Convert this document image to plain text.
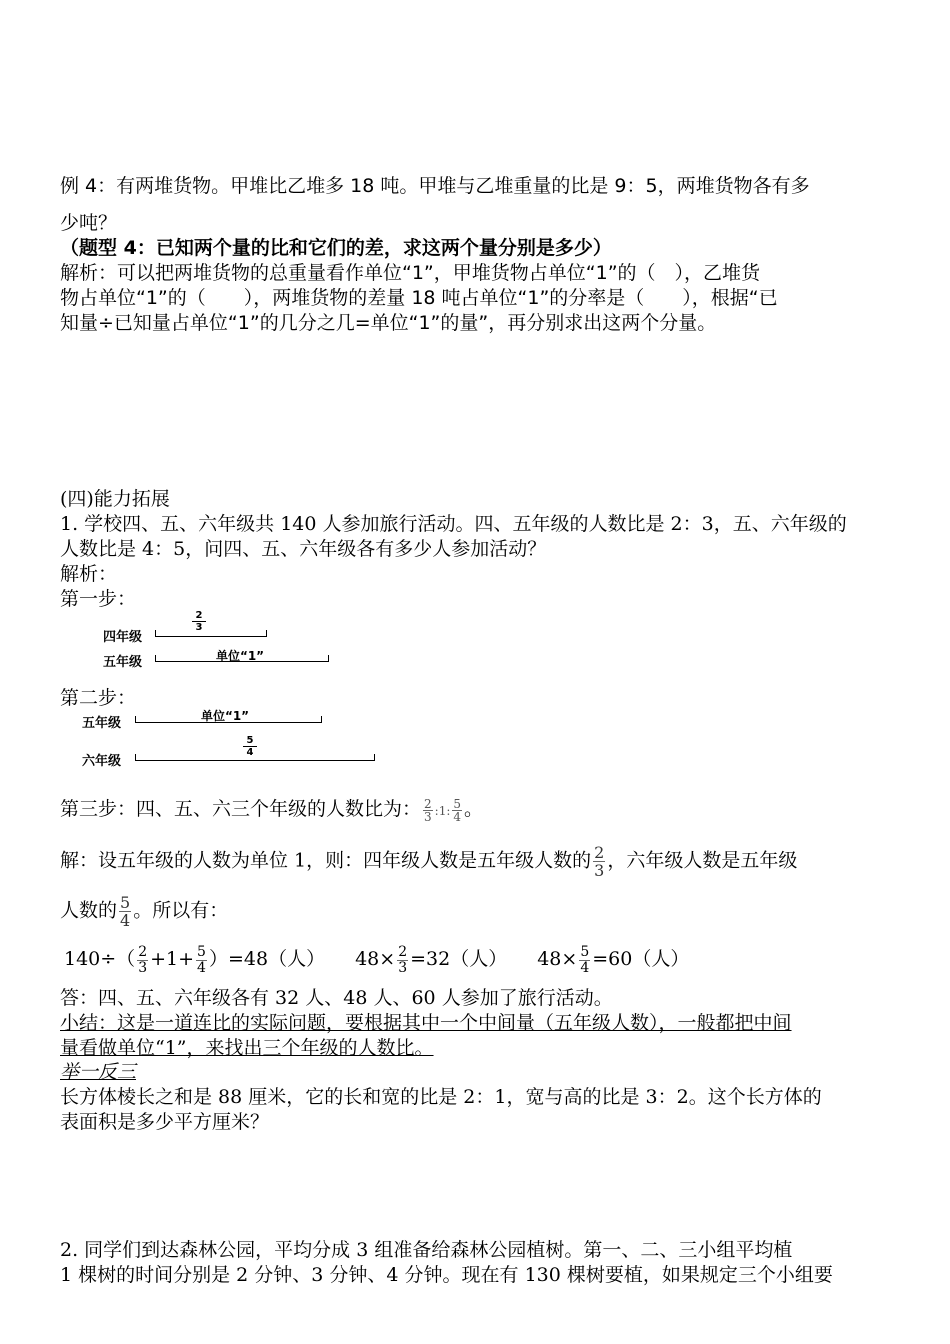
例 4：有两堆货物。甲堆比乙堆多 18 吨。甲堆与乙堆重量的比是 9：5，两堆货物各有多
少吨？
（题型 4：已知两个量的比和它们的差，求这两个量分别是多少）
解析：可以把两堆货物的总重量看作单位“1”，甲堆货物占单位“1”的（　），乙堆货
物占单位“1”的（　　），两堆货物的差量 18 吨占单位“1”的分率是（　　），根据“已
知量÷已知量占单位“1”的几分之几=单位“1”的量”，再分别求出这两个分量。
(四)能力拓展
1. 学校四、五、六年级共 140 人参加旅行活动。四、五年级的人数比是 2：3，五、六年级的
人数比是 4：5，问四、五、六年级各有多少人参加活动？
解析：
第一步：
四年级
$\frac{2}{3}$
五年级	单位“1”
第二步：
五年级	单位“1”
六年级
$\frac{5}{4}$
第三步：四、五、六三个年级的人数比为： $\frac{2}{3}$ :1: $\frac{5}{4}$ 。
解：设五年级的人数为单位 1，则：四年级人数是五年级人数的 $\frac{2}{3}$ ，六年级人数是五年级
人数的 $\frac{5}{4}$ 。所以有：
$140\div( \frac{2}{3} +1+ \frac{5}{4} )=48$（人） $48\times \frac{2}{3} =32$（人） $48\times \frac{5}{4} =60$（人）
答：四、五、六年级各有 32 人、48 人、60 人参加了旅行活动。
小结：这是一道连比的实际问题，要根据其中一个中间量（五年级人数），一般都把中间
量看做单位“1”，来找出三个年级的人数比。
举一反三
长方体棱长之和是 88 厘米，它的长和宽的比是 2：1，宽与高的比是 3：2。这个长方体的
表面积是多少平方厘米？
2. 同学们到达森林公园，平均分成 3 组准备给森林公园植树。第一、二、三小组平均植
1 棵树的时间分别是 2 分钟、3 分钟、4 分钟。现在有 130 棵树要植，如果规定三个小组要
